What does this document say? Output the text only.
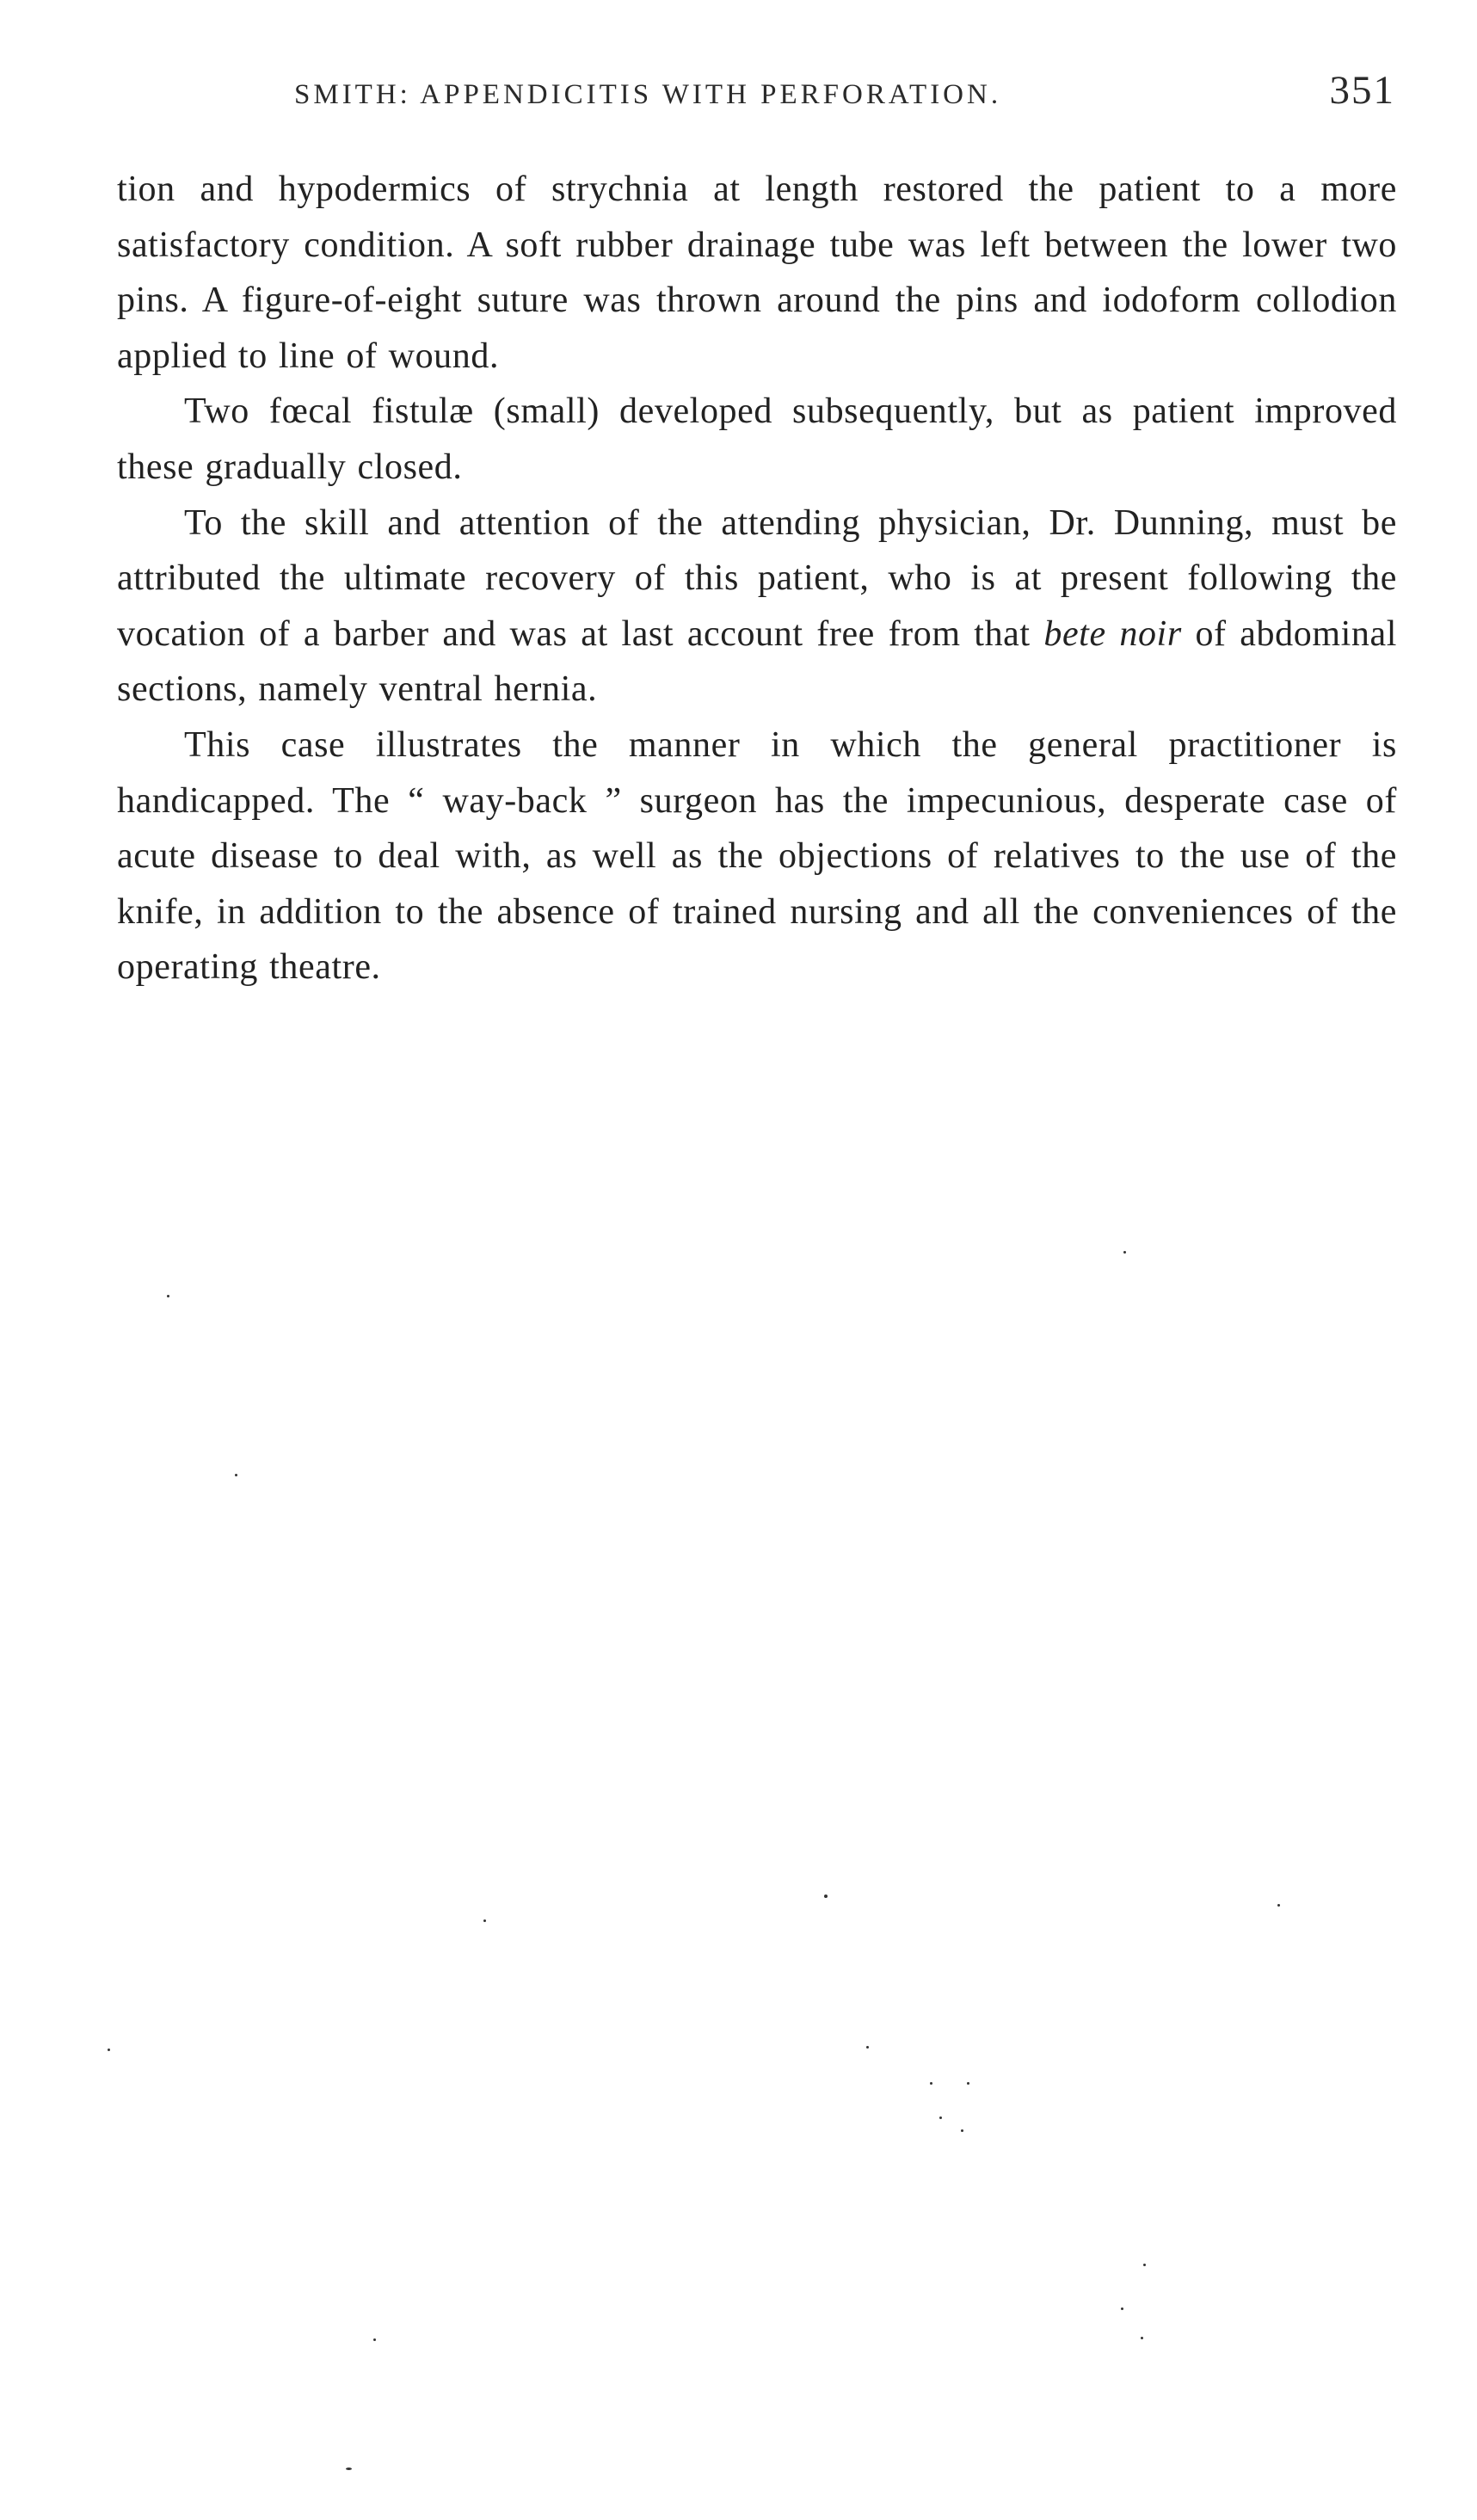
SMITH: APPENDICITIS WITH PERFORATION.	351

tion and hypodermics of strychnia at length restored the patient to a more satisfactory condition. A soft rubber drainage tube was left between the lower two pins. A figure-of-eight suture was thrown around the pins and iodoform collodion applied to line of wound.

Two fœcal fistulæ (small) developed subsequently, but as patient improved these gradually closed.

To the skill and attention of the attending physician, Dr. Dunning, must be attributed the ultimate recovery of this patient, who is at present following the vocation of a barber and was at last account free from that bete noir of abdominal sections, namely ventral hernia.

This case illustrates the manner in which the general practitioner is handicapped. The “ way-back ” surgeon has the impecunious, desperate case of acute disease to deal with, as well as the objections of relatives to the use of the knife, in addition to the absence of trained nursing and all the conveniences of the operating theatre.
